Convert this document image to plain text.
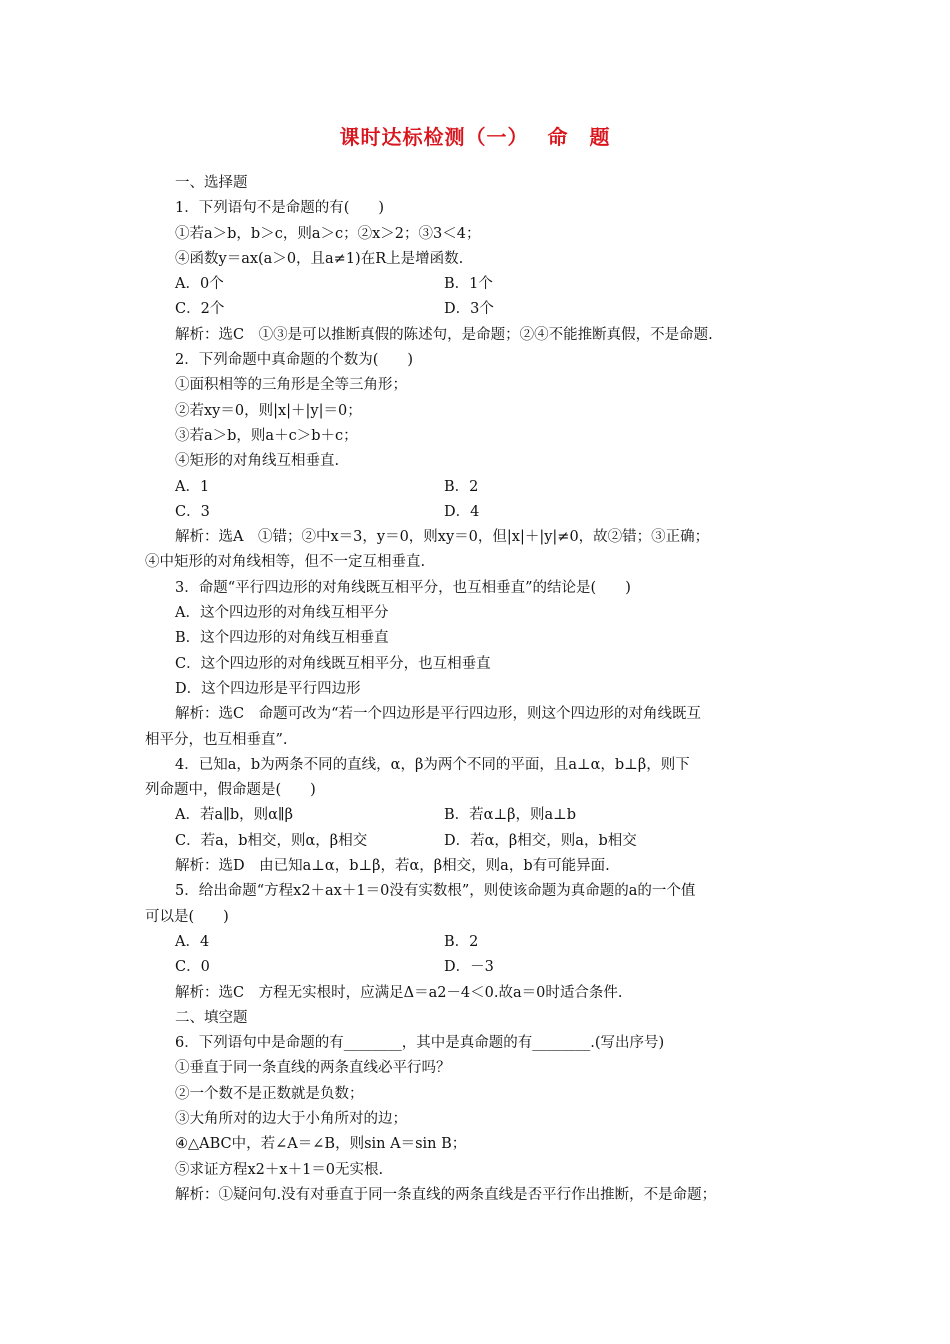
课时达标检测（一）　 命　题

一、选择题

1．下列语句不是命题的有(　　)

①若a＞b，b＞c，则a＞c；②x＞2；③3＜4；

④函数y＝ax(a＞0，且a≠1)在R上是增函数.

A．0个	B．1个
C．2个	D．3个

解析：选C　①③是可以推断真假的陈述句，是命题；②④不能推断真假，不是命题.

2．下列命题中真命题的个数为(　　)

①面积相等的三角形是全等三角形；

②若xy＝0，则|x|＋|y|＝0；

③若a＞b，则a＋c＞b＋c；

④矩形的对角线互相垂直.

A．1	B．2
C．3	D．4

解析：选A　①错；②中x＝3，y＝0，则xy＝0，但|x|＋|y|≠0，故②错；③正确；

④中矩形的对角线相等，但不一定互相垂直.

3．命题“平行四边形的对角线既互相平分，也互相垂直”的结论是(　　)

A．这个四边形的对角线互相平分

B．这个四边形的对角线互相垂直

C．这个四边形的对角线既互相平分，也互相垂直

D．这个四边形是平行四边形

解析：选C　命题可改为“若一个四边形是平行四边形，则这个四边形的对角线既互

相平分，也互相垂直”.

4．已知a，b为两条不同的直线，α，β为两个不同的平面，且a⊥α，b⊥β，则下

列命题中，假命题是(　　)

A．若a∥b，则α∥β	B．若α⊥β，则a⊥b
C．若a，b相交，则α，β相交	D．若α，β相交，则a，b相交

解析：选D　由已知a⊥α，b⊥β，若α，β相交，则a，b有可能异面.

5．给出命题“方程x2＋ax＋1＝0没有实数根”，则使该命题为真命题的a的一个值

可以是(　　)

A．4	B．2
C．0	D．－3

解析：选C　方程无实根时，应满足Δ＝a2－4＜0.故a＝0时适合条件.

二、填空题

6．下列语句中是命题的有________，其中是真命题的有________.(写出序号)

①垂直于同一条直线的两条直线必平行吗？

②一个数不是正数就是负数；

③大角所对的边大于小角所对的边；

④△ABC中，若∠A＝∠B，则sin A＝sin B；

⑤求证方程x2＋x＋1＝0无实根.

解析：①疑问句.没有对垂直于同一条直线的两条直线是否平行作出推断，不是命题；
